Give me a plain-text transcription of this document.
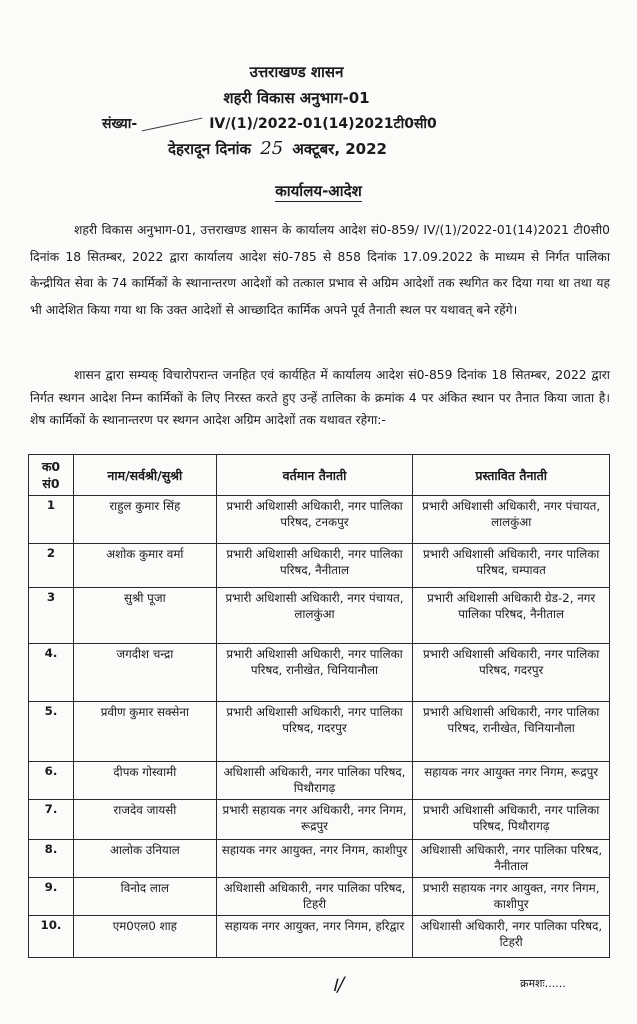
उत्तराखण्ड शासन
शहरी विकास अनुभाग-01
संख्या-	IV/(1)/2022-01(14)2021टी0सी0
देहरादून दिनांक 25 अक्टूबर, 2022
कार्यालय-आदेश
शहरी विकास अनुभाग-01, उत्तराखण्ड शासन के कार्यालय आदेश सं0-859/ IV/(1)/2022-01(14)2021 टी0सी0 दिनांक 18 सितम्बर, 2022 द्वारा कार्यालय आदेश सं0-785 से 858 दिनांक 17.09.2022 के माध्यम से निर्गत पालिका केन्द्रीयित सेवा के 74 कार्मिकों के स्थानान्तरण आदेशों को तत्काल प्रभाव से अग्रिम आदेशों तक स्थगित कर दिया गया था तथा यह भी आदेशित किया गया था कि उक्त आदेशों से आच्छादित कार्मिक अपने पूर्व तैनाती स्थल पर यथावत् बने रहेंगे।
शासन द्वारा सम्यक् विचारोपरान्त जनहित एवं कार्यहित में कार्यालय आदेश सं0-859 दिनांक 18 सितम्बर, 2022 द्वारा निर्गत स्थगन आदेश निम्न कार्मिकों के लिए निरस्त करते हुए उन्हें तालिका के क्रमांक 4 पर अंकित स्थान पर तैनात किया जाता है। शेष कार्मिकों के स्थानान्तरण पर स्थगन आदेश अग्रिम आदेशों तक यथावत रहेगा:-
क0 सं0	नाम/सर्वश्री/सुश्री	वर्तमान तैनाती	प्रस्तावित तैनाती
1	राहुल कुमार सिंह	प्रभारी अधिशासी अधिकारी, नगर पालिका परिषद, टनकपुर	प्रभारी अधिशासी अधिकारी, नगर पंचायत, लालकुंआ
2	अशोक कुमार वर्मा	प्रभारी अधिशासी अधिकारी, नगर पालिका परिषद, नैनीताल	प्रभारी अधिशासी अधिकारी, नगर पालिका परिषद, चम्पावत
3	सुश्री पूजा	प्रभारी अधिशासी अधिकारी, नगर पंचायत, लालकुंआ	प्रभारी अधिशासी अधिकारी ग्रेड-2, नगर पालिका परिषद, नैनीताल
4.	जगदीश चन्द्रा	प्रभारी अधिशासी अधिकारी, नगर पालिका परिषद, रानीखेत, चिनियानौला	प्रभारी अधिशासी अधिकारी, नगर पालिका परिषद, गदरपुर
5.	प्रवीण कुमार सक्सेना	प्रभारी अधिशासी अधिकारी, नगर पालिका परिषद, गदरपुर	प्रभारी अधिशासी अधिकारी, नगर पालिका परिषद, रानीखेत, चिनियानौला
6.	दीपक गोस्वामी	अधिशासी अधिकारी, नगर पालिका परिषद, पिथौरागढ़	सहायक नगर आयुक्त नगर निगम, रूद्रपुर
7.	राजदेव जायसी	प्रभारी सहायक नगर अधिकारी, नगर निगम, रूद्रपुर	प्रभारी अधिशासी अधिकारी, नगर पालिका परिषद, पिथौरागढ़
8.	आलोक उनियाल	सहायक नगर आयुक्त, नगर निगम, काशीपुर	अधिशासी अधिकारी, नगर पालिका परिषद, नैनीताल
9.	विनोद लाल	अधिशासी अधिकारी, नगर पालिका परिषद, टिहरी	प्रभारी सहायक नगर आयुक्त, नगर निगम, काशीपुर
10.	एम0एल0 शाह	सहायक नगर आयुक्त, नगर निगम, हरिद्वार	अधिशासी अधिकारी, नगर पालिका परिषद, टिहरी
।/	क्रमशः......
